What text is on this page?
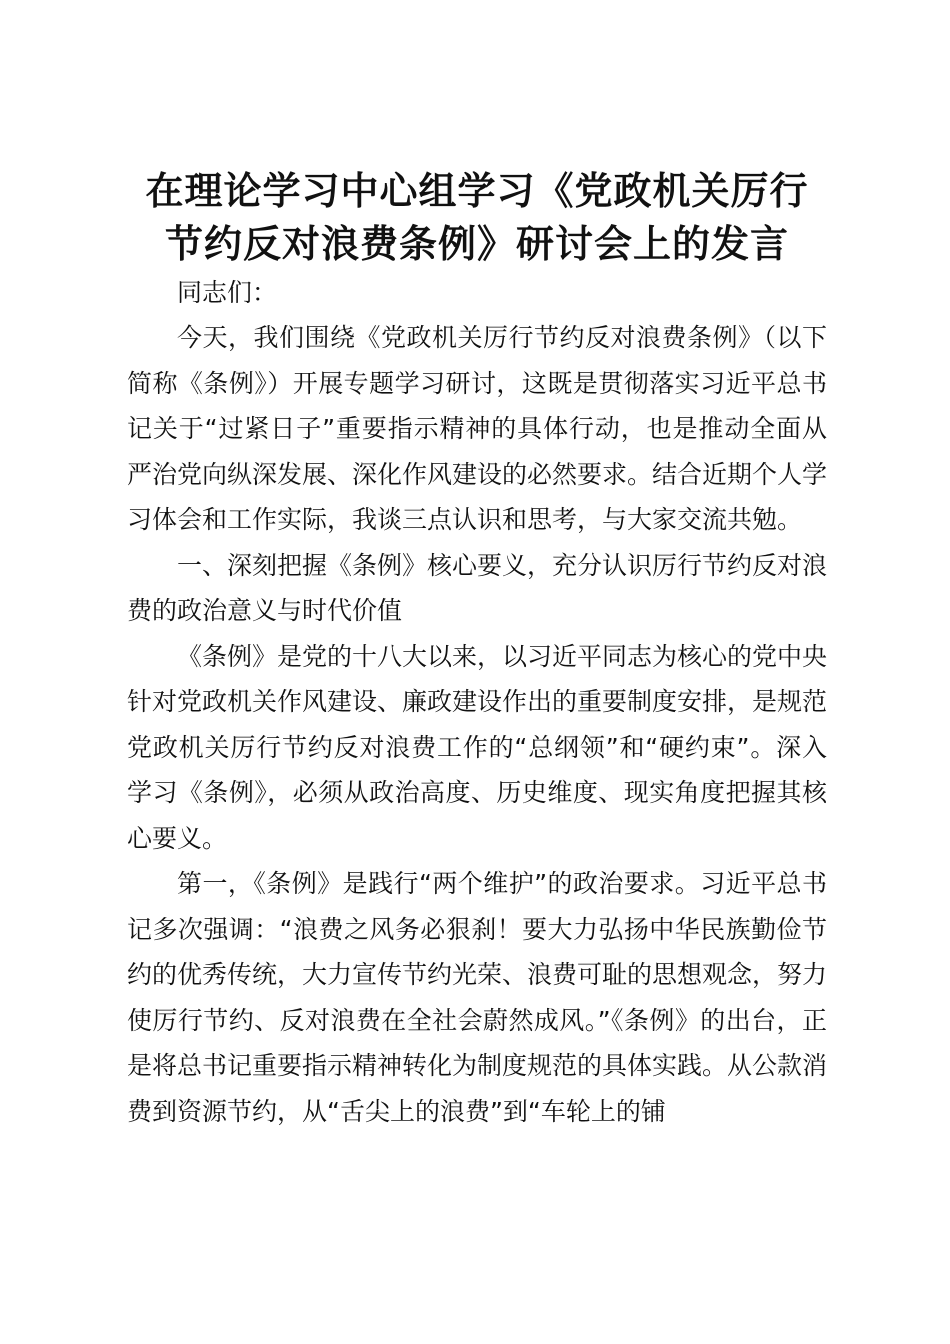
在理论学习中心组学习《党政机关厉行
节约反对浪费条例》研讨会上的发言

同志们：

今天，我们围绕《党政机关厉行节约反对浪费条例》（以下简称《条例》）开展专题学习研讨，这既是贯彻落实习近平总书记关于“过紧日子”重要指示精神的具体行动，也是推动全面从严治党向纵深发展、深化作风建设的必然要求。结合近期个人学习体会和工作实际，我谈三点认识和思考，与大家交流共勉。

一、深刻把握《条例》核心要义，充分认识厉行节约反对浪费的政治意义与时代价值

《条例》是党的十八大以来，以习近平同志为核心的党中央针对党政机关作风建设、廉政建设作出的重要制度安排，是规范党政机关厉行节约反对浪费工作的“总纲领”和“硬约束”。深入学习《条例》，必须从政治高度、历史维度、现实角度把握其核心要义。

第一，《条例》是践行“两个维护”的政治要求。习近平总书记多次强调：“浪费之风务必狠刹！要大力弘扬中华民族勤俭节约的优秀传统，大力宣传节约光荣、浪费可耻的思想观念，努力使厉行节约、反对浪费在全社会蔚然成风。”《条例》的出台，正是将总书记重要指示精神转化为制度规范的具体实践。从公款消费到资源节约，从“舌尖上的浪费”到“车轮上的铺
